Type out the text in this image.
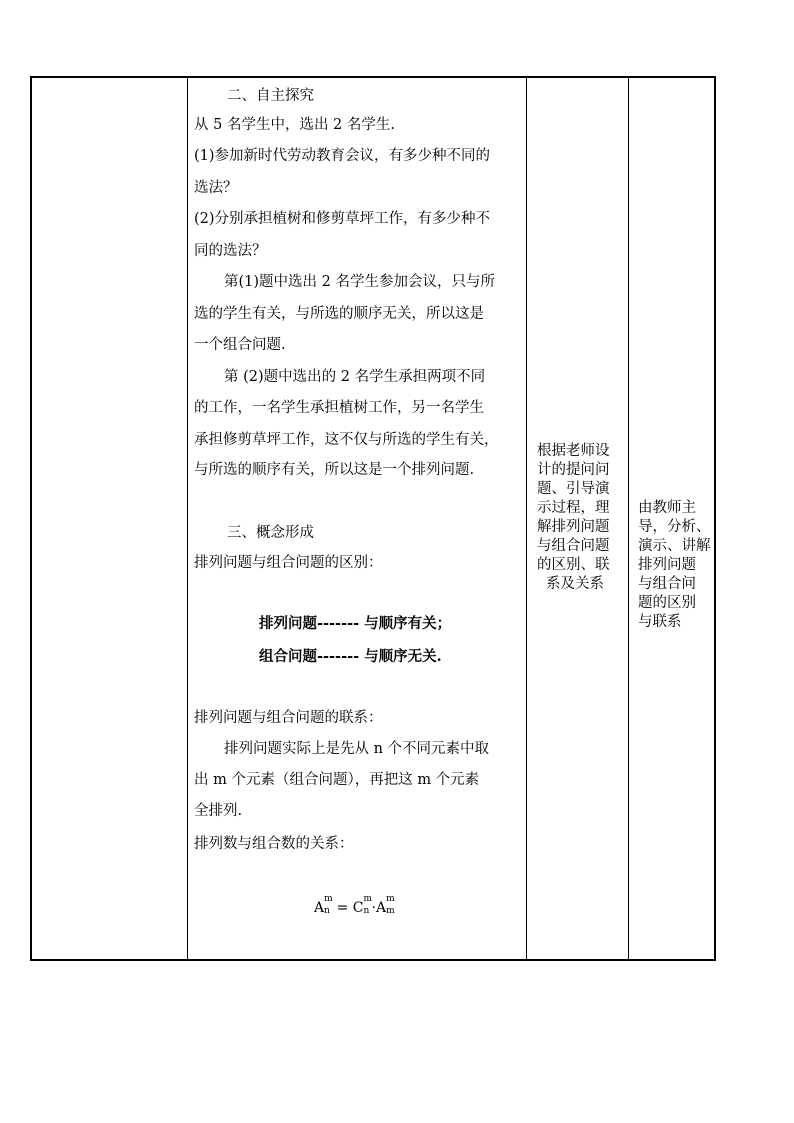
二、自主探究
从 5 名学生中，选出 2 名学生.
(1)参加新时代劳动教育会议，有多少种不同的
选法？
(2)分别承担植树和修剪草坪工作，有多少种不
同的选法？
第(1)题中选出 2 名学生参加会议，只与所
选的学生有关，与所选的顺序无关，所以这是
一个组合问题.
第 (2)题中选出的 2 名学生承担两项不同
的工作，一名学生承担植树工作，另一名学生
承担修剪草坪工作，这不仅与所选的学生有关，
与所选的顺序有关，所以这是一个排列问题.
三、概念形成
排列问题与组合问题的区别：
排列问题------- 与顺序有关；
组合问题------- 与顺序无关.
排列问题与组合问题的联系：
排列问题实际上是先从 n 个不同元素中取
出 m 个元素（组合问题），再把这 m 个元素
全排列.
排列数与组合数的关系：
A
m
n = C
m
n ·A
m
m
根据老师设
计的提问问
题、引导演
示过程，理
解排列问题
与组合问题
的区别、联
系及关系
由教师主
导，分析、
演示、讲解
排列问题
与组合问
题的区别
与联系
